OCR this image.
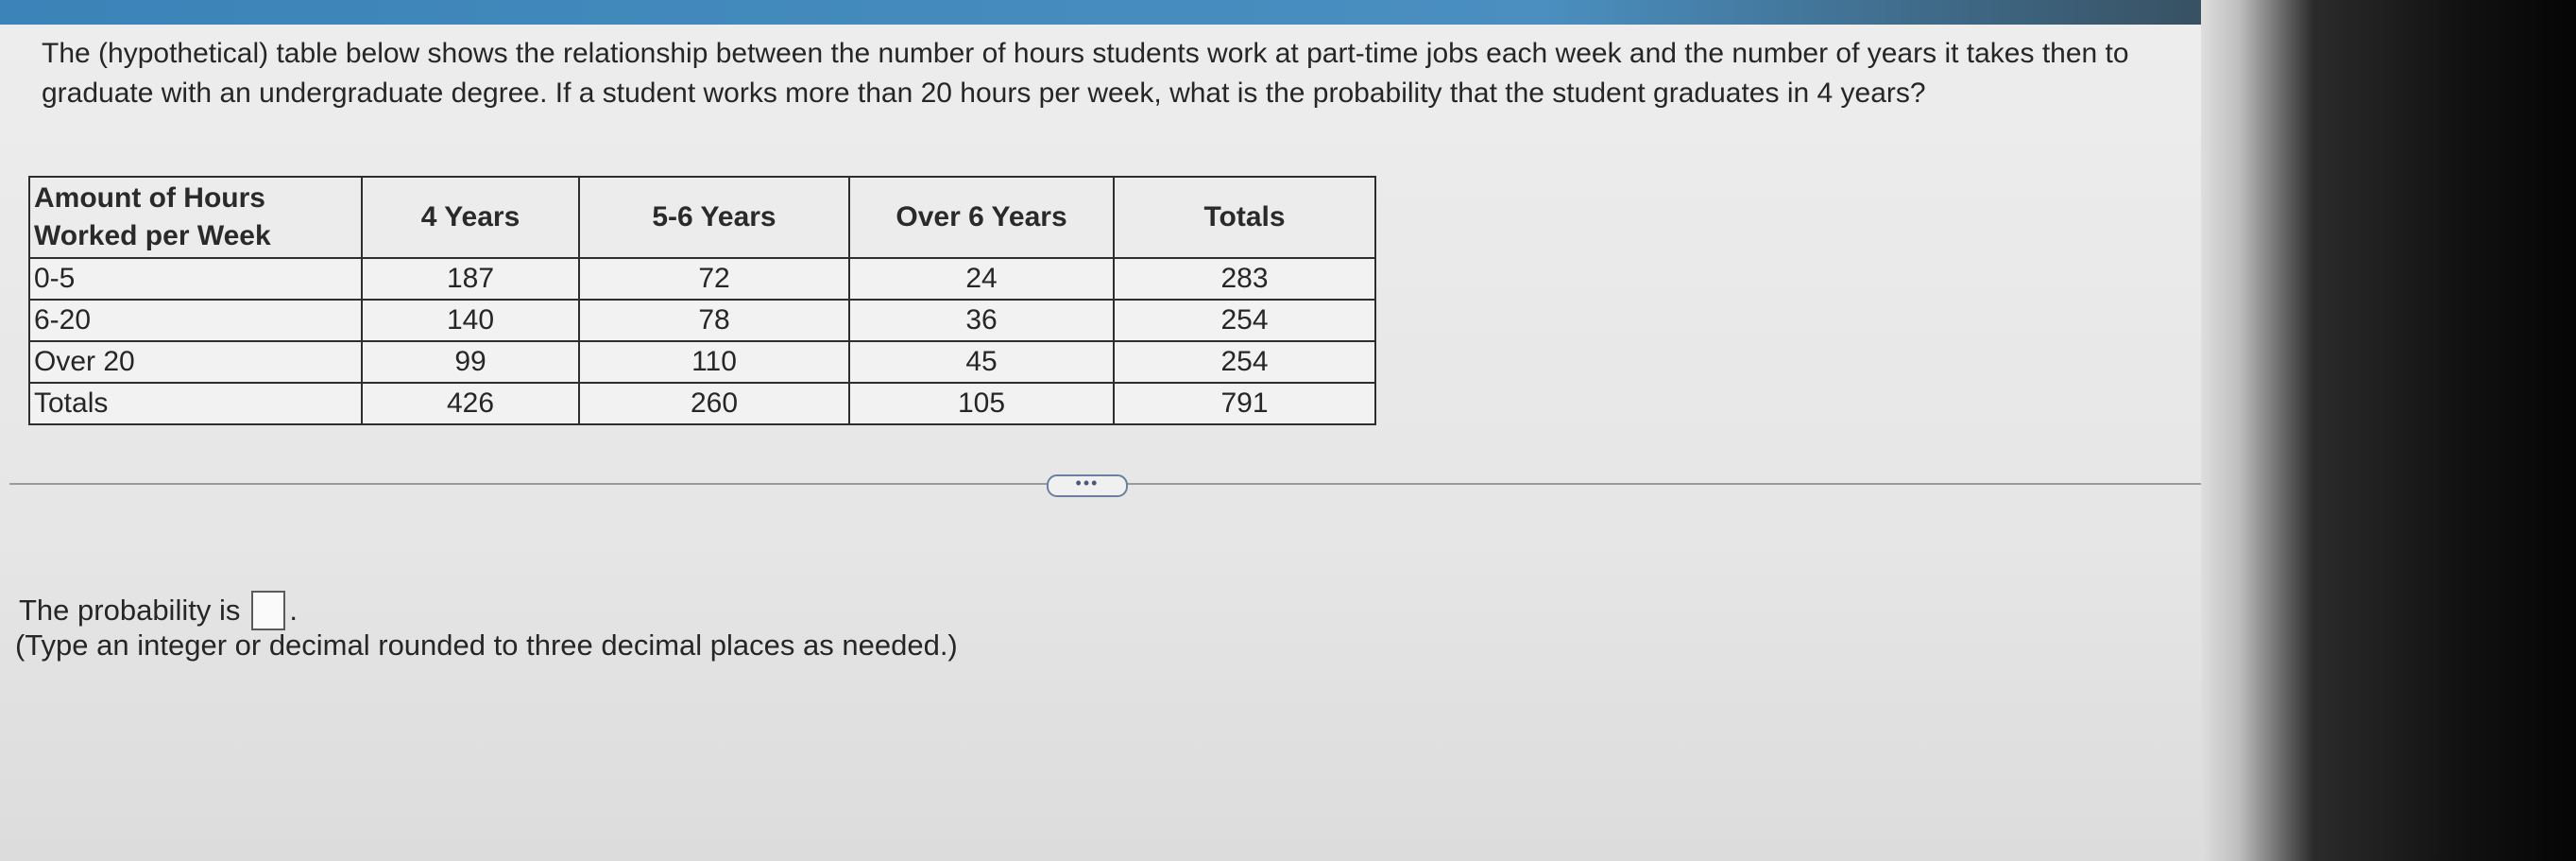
The (hypothetical) table below shows the relationship between the number of hours students work at part-time jobs each week and the number of years it takes then to graduate with an undergraduate degree. If a student works more than 20 hours per week, what is the probability that the student graduates in 4 years?
Amount of Hours Worked per Week	4 Years	5-6 Years	Over 6 Years	Totals
0-5	187	72	24	283
6-20	140	78	36	254
Over 20	99	110	45	254
Totals	426	260	105	791
•••
The probability is .
(Type an integer or decimal rounded to three decimal places as needed.)
